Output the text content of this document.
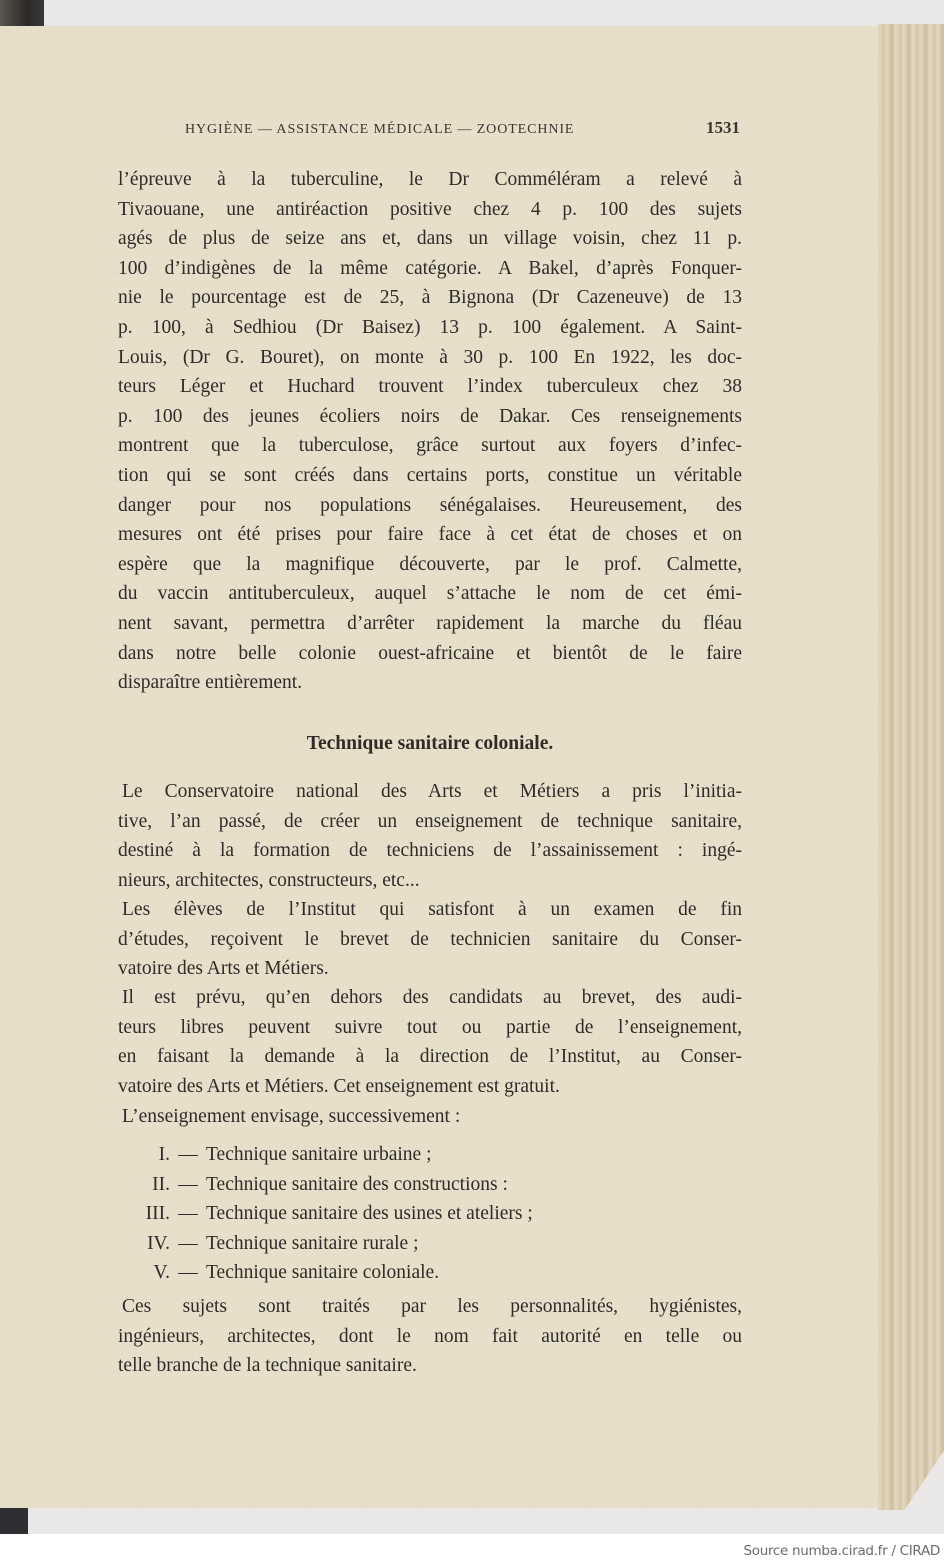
HYGIÈNE — ASSISTANCE MÉDICALE — ZOOTECHNIE	1531

l’épreuve à la tuberculine, le Dr Comméléram a relevé à

Tivaouane, une antiréaction positive chez 4 p. 100 des sujets

agés de plus de seize ans et, dans un village voisin, chez 11 p.

100 d’indigènes de la même catégorie. A Bakel, d’après Fonquer-

nie le pourcentage est de 25, à Bignona (Dr Cazeneuve) de 13

p. 100, à Sedhiou (Dr Baisez) 13 p. 100 également. A Saint-

Louis, (Dr G. Bouret), on monte à 30 p. 100 En 1922, les doc-

teurs Léger et Huchard trouvent l’index tuberculeux chez 38

p. 100 des jeunes écoliers noirs de Dakar. Ces renseignements

montrent que la tuberculose, grâce surtout aux foyers d’infec-

tion qui se sont créés dans certains ports, constitue un véritable

danger pour nos populations sénégalaises. Heureusement, des

mesures ont été prises pour faire face à cet état de choses et on

espère que la magnifique découverte, par le prof. Calmette,

du vaccin antituberculeux, auquel s’attache le nom de cet émi-

nent savant, permettra d’arrêter rapidement la marche du fléau

dans notre belle colonie ouest-africaine et bientôt de le faire

disparaître entièrement.

Technique sanitaire coloniale.

Le Conservatoire national des Arts et Métiers a pris l’initia-

tive, l’an passé, de créer un enseignement de technique sanitaire,

destiné à la formation de techniciens de l’assainissement : ingé-

nieurs, architectes, constructeurs, etc...

Les élèves de l’Institut qui satisfont à un examen de fin

d’études, reçoivent le brevet de technicien sanitaire du Conser-

vatoire des Arts et Métiers.

Il est prévu, qu’en dehors des candidats au brevet, des audi-

teurs libres peuvent suivre tout ou partie de l’enseignement,

en faisant la demande à la direction de l’Institut, au Conser-

vatoire des Arts et Métiers. Cet enseignement est gratuit.

L’enseignement envisage, successivement :

I. — Technique sanitaire urbaine ;
II. — Technique sanitaire des constructions :
III. — Technique sanitaire des usines et ateliers ;
IV. — Technique sanitaire rurale ;
V. — Technique sanitaire coloniale.

Ces sujets sont traités par les personnalités, hygiénistes,

ingénieurs, architectes, dont le nom fait autorité en telle ou

telle branche de la technique sanitaire.

Source numba.cirad.fr / CIRAD
